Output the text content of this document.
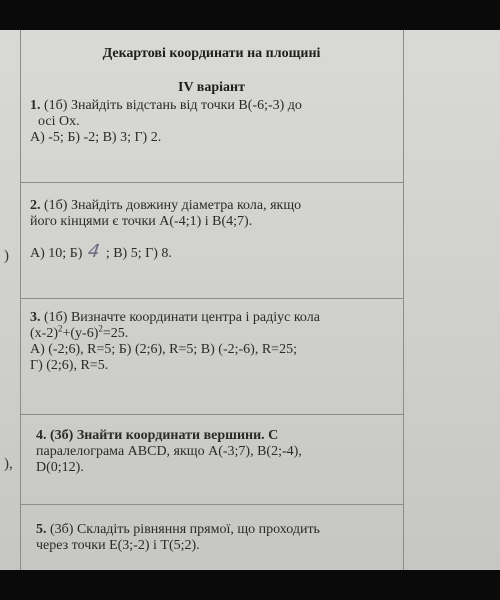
)
),
Декартові координати на площині
IV варіант
1. (1б) Знайдіть відстань від точки B(-6;-3) до
осі Ox.
А) -5; Б) -2; В) 3; Г) 2.
2. (1б) Знайдіть довжину діаметра кола, якщо
його кінцями є точки A(-4;1) і B(4;7).
А) 10; Б) 4 ; В) 5; Г) 8.
3. (1б) Визначте координати центра і радіус кола
$(x-2)^2+(y-6)^2=25$.
А) (-2;6), R=5; Б) (2;6), R=5; В) (-2;-6), R=25;
Г) (2;6), R=5.
4. (3б) Знайти координати вершини. С
паралелограма ABCD, якщо A(-3;7), B(2;-4),
D(0;12).
5. (3б) Складіть рівняння прямої, що проходить
через точки E(3;-2) і T(5;2).
